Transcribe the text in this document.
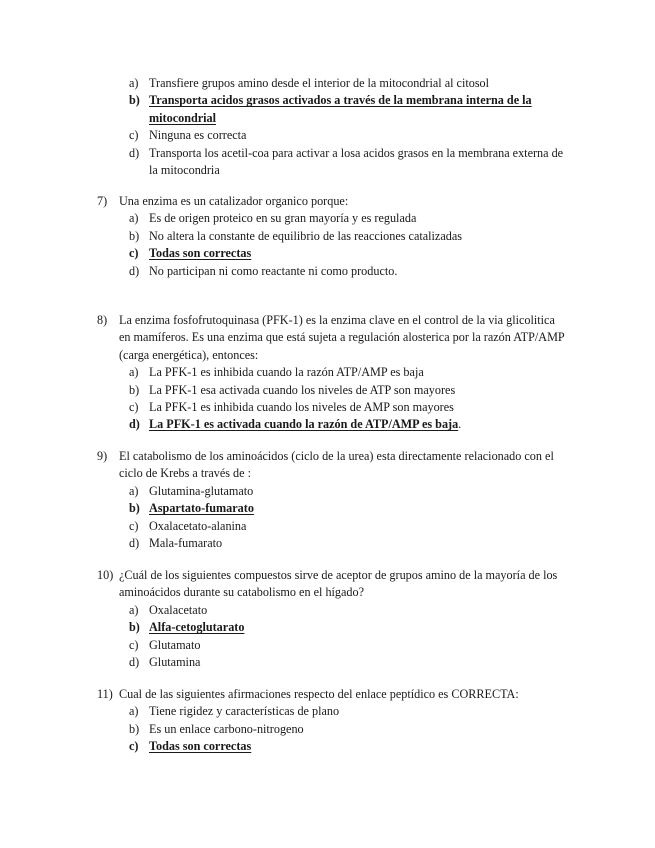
a) Transfiere grupos amino desde el interior de la mitocondrial al citosol
b) Transporta acidos grasos activados a través de la membrana interna de la mitocondrial
c) Ninguna es correcta
d) Transporta los acetil-coa para activar a losa acidos grasos en la membrana externa de la mitocondria
7) Una enzima es un catalizador organico porque:
a) Es de origen proteico en su gran mayoría y es regulada
b) No altera la constante de equilibrio de las reacciones catalizadas
c) Todas son correctas
d) No participan ni como reactante ni como producto.
8) La enzima fosfofrutoquinasa (PFK-1) es la enzima clave en el control de la via glicolitica en mamíferos. Es una enzima que está sujeta a regulación alosterica por la razón ATP/AMP (carga energética), entonces:
a) La PFK-1 es inhibida cuando la razón ATP/AMP es baja
b) La PFK-1 esa activada cuando los niveles de ATP son mayores
c) La PFK-1 es inhibida cuando los niveles de AMP son mayores
d) La PFK-1 es activada cuando la razón de ATP/AMP es baja.
9) El catabolismo de los aminoácidos (ciclo de la urea) esta directamente relacionado con el ciclo de Krebs a través de :
a) Glutamina-glutamato
b) Aspartato-fumarato
c) Oxalacetato-alanina
d) Mala-fumarato
10) ¿Cuál de los siguientes compuestos sirve de aceptor de grupos amino de la mayoría de los aminoácidos durante su catabolismo en el hígado?
a) Oxalacetato
b) Alfa-cetoglutarato
c) Glutamato
d) Glutamina
11) Cual de las siguientes afirmaciones respecto del enlace peptídico es CORRECTA:
a) Tiene rigidez y características de plano
b) Es un enlace carbono-nitrogeno
c) Todas son correctas
